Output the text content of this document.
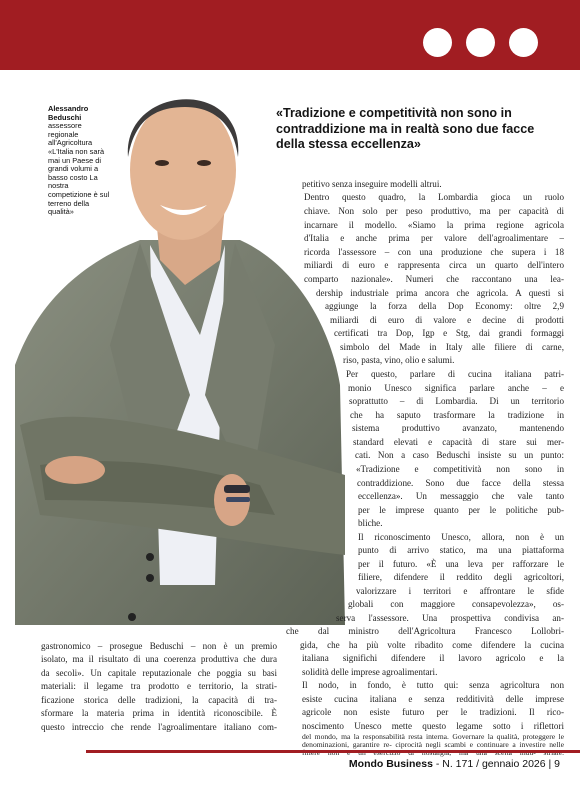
Alessandro Beduschi
assessore regionale all'Agricoltura «L'Italia non sarà mai un Paese di grandi volumi a basso costo La nostra competizione è sul terreno della qualità»
«Tradizione e competitività non sono in contraddizione ma in realtà sono due facce della stessa eccellenza»
petitivo senza inseguire modelli altrui.
Dentro questo quadro, la Lombardia gioca un ruolo
chiave. Non solo per peso produttivo, ma per capacità di
incarnare il modello. «Siamo la prima regione agricola
d'Italia e anche prima per valore dell'agroalimentare –
ricorda l'assessore – con una produzione che supera i 18
miliardi di euro e rappresenta circa un quarto dell'intero
comparto nazionale». Numeri che raccontano una lea-
dership industriale prima ancora che agricola. A questi si
aggiunge la forza della Dop Economy: oltre 2,9
miliardi di euro di valore e decine di prodotti
certificati tra Dop, Igp e Stg, dai grandi formaggi
simbolo del Made in Italy alle filiere di carne,
riso, pasta, vino, olio e salumi.
Per questo, parlare di cucina italiana patri-
monio Unesco significa parlare anche – e
soprattutto – di Lombardia. Di un territorio
che ha saputo trasformare la tradizione in
sistema produttivo avanzato, mantenendo
standard elevati e capacità di stare sui mer-
cati. Non a caso Beduschi insiste su un punto:
«Tradizione e competitività non sono in
contraddizione. Sono due facce della stessa
eccellenza». Un messaggio che vale tanto
per le imprese quanto per le politiche pub-
bliche.
Il riconoscimento Unesco, allora, non è un
punto di arrivo statico, ma una piattaforma
per il futuro. «È una leva per rafforzare le
filiere, difendere il reddito degli agricoltori,
valorizzare i territori e affrontare le sfide
globali con maggiore consapevolezza», os-
serva l'assessore. Una prospettiva condivisa an-
che dal ministro dell'Agricoltura Francesco Lollobri-
gida, che ha più volte ribadito come difendere la cucina
italiana significhi difendere il lavoro agricolo e la
solidità delle imprese agroalimentari.
Il nodo, in fondo, è tutto qui: senza agricoltura non
esiste cucina italiana e senza redditività delle imprese
agricole non esiste futuro per le tradizioni. Il rico-
noscimento Unesco mette questo legame sotto i riflettori
del mondo, ma la responsabilità resta interna. Governare la qualità, proteggere le denominazioni, garantire re- ciprocità negli scambi e continuare a investire nelle
gastronomico – prosegue Beduschi – non è un premio
isolato, ma il risultato di una coerenza produttiva che dura
da secoli». Un capitale reputazionale che poggia su basi
materiali: il legame tra prodotto e territorio, la strati-
ficazione storica delle tradizioni, la capacità di tra-
sformare la materia prima in identità riconoscibile. È
questo intreccio che rende l'agroalimentare italiano com-
Mondo Business - N. 171 / gennaio 2026 | 9
